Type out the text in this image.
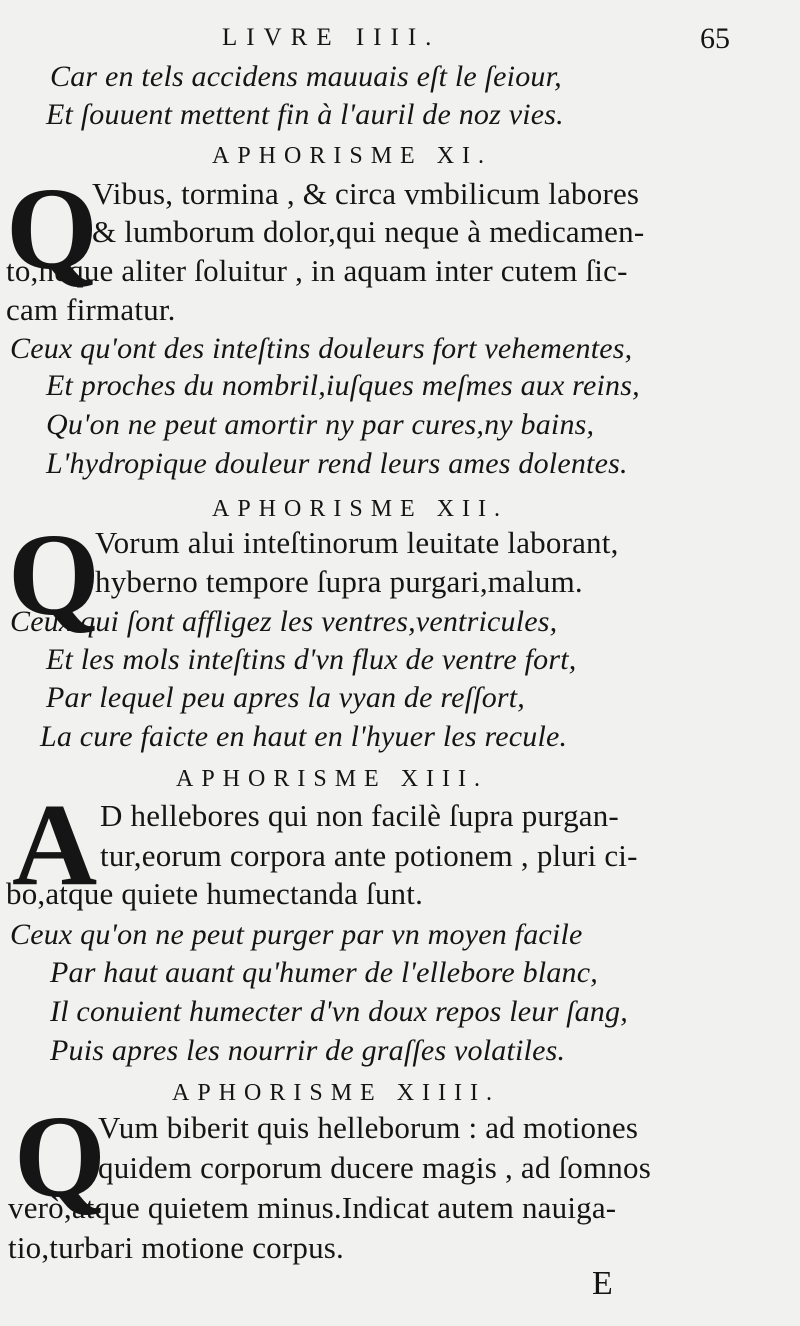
LIVRE IIII.	65
Car en tels accidens mauuais eſt le ſeiour,
Et ſouuent mettent fin à l'auril de noz vies.
APHORISME XI.
Q
Vibus, tormina , & circa vmbilicum labores
& lumborum dolor,qui neque à medicamen-
to,neque aliter ſoluitur , in aquam inter cutem ſic-
cam firmatur.
Ceux qu'ont des inteſtins douleurs fort vehementes,
Et proches du nombril,iuſques meſmes aux reins,
Qu'on ne peut amortir ny par cures,ny bains,
L'hydropique douleur rend leurs ames dolentes.
APHORISME XII.
Q
Vorum alui inteſtinorum leuitate laborant,
hyberno tempore ſupra purgari,malum.
Ceux qui ſont affligez les ventres,ventricules,
Et les mols inteſtins d'vn flux de ventre fort,
Par lequel peu apres la vyan de reſſort,
La cure faicte en haut en l'hyuer les recule.
APHORISME XIII.
A D hellebores qui non facilè ſupra purgan-
tur,eorum corpora ante potionem , pluri ci-
bo,atque quiete humectanda ſunt.
Ceux qu'on ne peut purger par vn moyen facile
Par haut auant qu'humer de l'ellebore blanc,
Il conuient humecter d'vn doux repos leur ſang,
Puis apres les nourrir de graſſes volatiles.
APHORISME XIIII.
Q
Vum biberit quis helleborum : ad motiones
quidem corporum ducere magis , ad ſomnos
verò,atque quietem minus.Indicat autem nauiga-
tio,turbari motione corpus.
E
